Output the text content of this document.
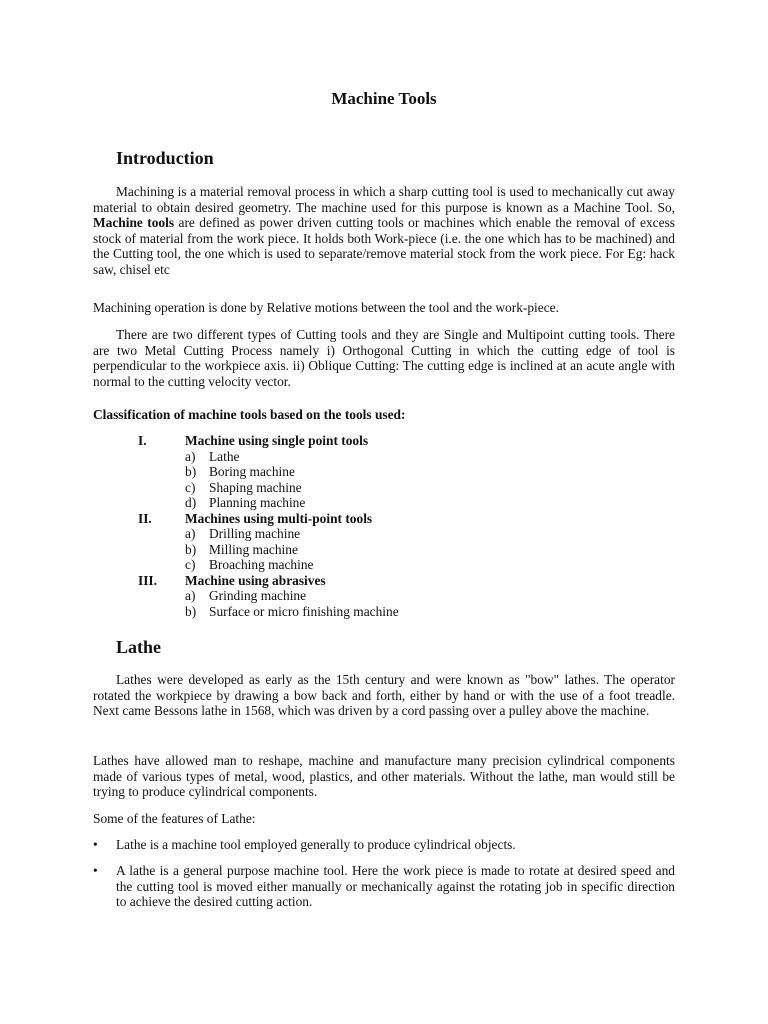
Machine Tools
Introduction

Machining is a material removal process in which a sharp cutting tool is used to mechanically cut away material to obtain desired geometry. The machine used for this purpose is known as a Machine Tool. So, Machine tools are defined as power driven cutting tools or machines which enable the removal of excess stock of material from the work piece. It holds both Work-piece (i.e. the one which has to be machined) and the Cutting tool, the one which is used to separate/remove material stock from the work piece. For Eg: hack saw, chisel etc

Machining operation is done by Relative motions between the tool and the work-piece.

There are two different types of Cutting tools and they are Single and Multipoint cutting tools. There are two Metal Cutting Process namely i) Orthogonal Cutting in which the cutting edge of tool is perpendicular to the workpiece axis. ii) Oblique Cutting: The cutting edge is inclined at an acute angle with normal to the cutting velocity vector.

Classification of machine tools based on the tools used:

I.	Machine using single point tools
a) Lathe
b) Boring machine
c) Shaping machine
d) Planning machine
II. Machines using multi-point tools
a) Drilling machine
b) Milling machine
c) Broaching machine
III. Machine using abrasives
a) Grinding machine
b) Surface or micro finishing machine
Lathe

Lathes were developed as early as the 15th century and were known as "bow" lathes. The operator rotated the workpiece by drawing a bow back and forth, either by hand or with the use of a foot treadle. Next came Bessons lathe in 1568, which was driven by a cord passing over a pulley above the machine.

Lathes have allowed man to reshape, machine and manufacture many precision cylindrical components made of various types of metal, wood, plastics, and other materials. Without the lathe, man would still be trying to produce cylindrical components.

Some of the features of Lathe:

• Lathe is a machine tool employed generally to produce cylindrical objects.
• A lathe is a general purpose machine tool. Here the work piece is made to rotate at desired speed and the cutting tool is moved either manually or mechanically against the rotating job in specific direction to achieve the desired cutting action.
